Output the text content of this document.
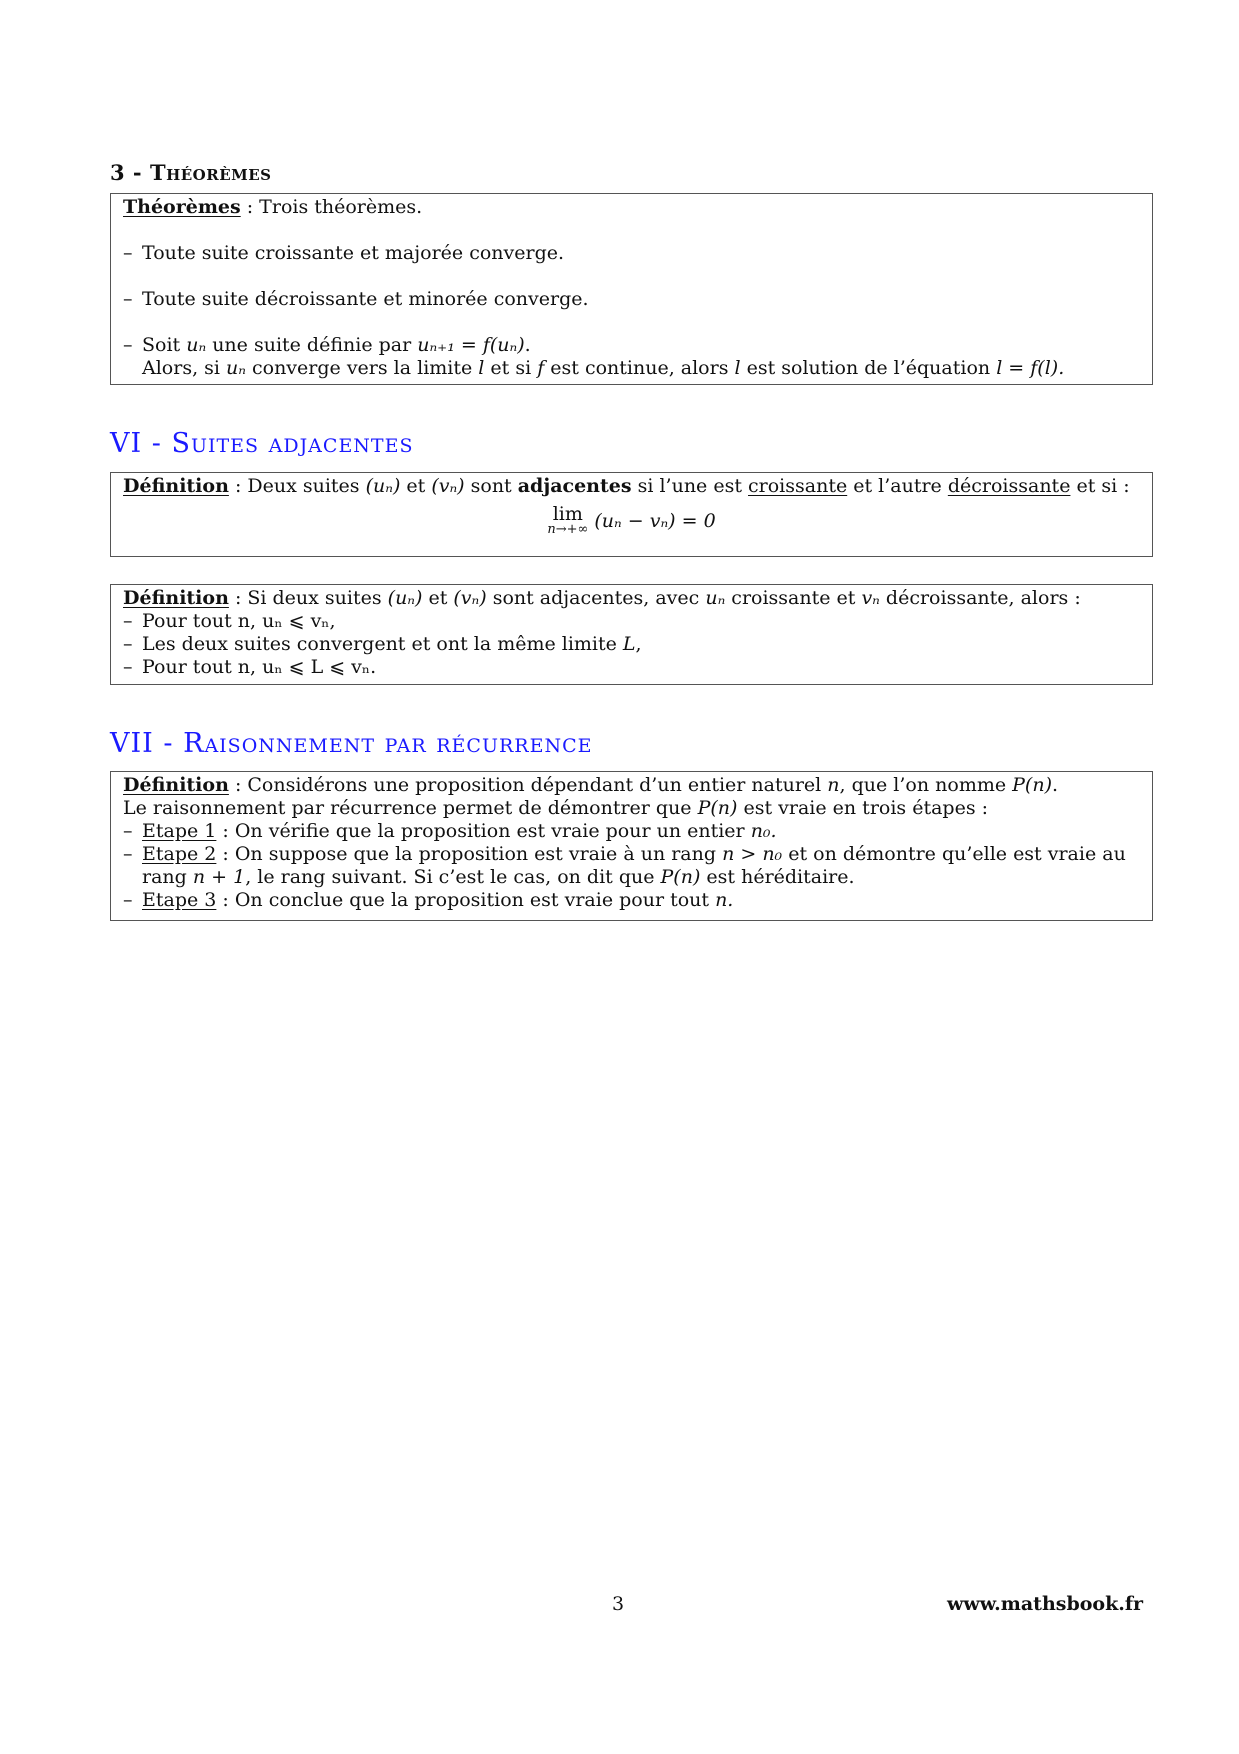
3 - Théorèmes
Théorèmes : Trois théorèmes.
– Toute suite croissante et majorée converge.
– Toute suite décroissante et minorée converge.
– Soit uₙ une suite définie par uₙ₊₁ = f(uₙ).
Alors, si uₙ converge vers la limite l et si f est continue, alors l est solution de l’équation l = f(l).
VI - Suites adjacentes
Définition : Deux suites (uₙ) et (vₙ) sont adjacentes si l’une est croissante et l’autre décroissante et si :
lim
n→+∞ (uₙ − vₙ) = 0
Définition : Si deux suites (uₙ) et (vₙ) sont adjacentes, avec uₙ croissante et vₙ décroissante, alors :
– Pour tout n, uₙ ⩽ vₙ,
– Les deux suites convergent et ont la même limite L,
– Pour tout n, uₙ ⩽ L ⩽ vₙ.
VII - Raisonnement par récurrence
Définition : Considérons une proposition dépendant d’un entier naturel n, que l’on nomme P(n).
Le raisonnement par récurrence permet de démontrer que P(n) est vraie en trois étapes :
– Etape 1 : On vérifie que la proposition est vraie pour un entier n₀.
– Etape 2 : On suppose que la proposition est vraie à un rang n > n₀ et on démontre qu’elle est vraie au rang n + 1, le rang suivant. Si c’est le cas, on dit que P(n) est héréditaire.
– Etape 3 : On conclue que la proposition est vraie pour tout n.
3	www.mathsbook.fr
